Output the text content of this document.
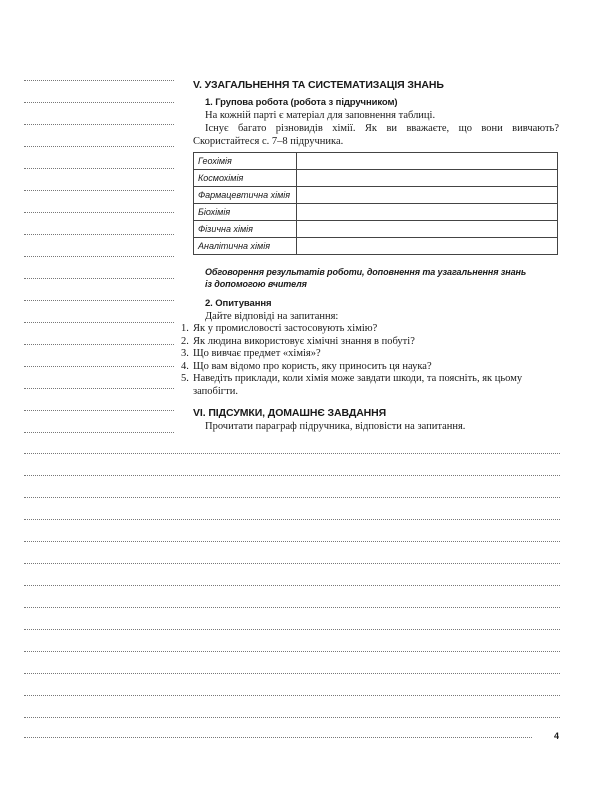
V. УЗАГАЛЬНЕННЯ ТА СИСТЕМАТИЗАЦІЯ ЗНАНЬ

1. Групова робота (робота з підручником)

На кожній парті є матеріал для заповнення таблиці.

Існує багато різновидів хімії. Як ви вважаєте, що вони вивчають? Скористайтеся с. 7–8 підручника.

Геохімія	
Космохімія	
Фармацевтична хімія	
Біохімія	
Фізична хімія	
Аналітична хімія	

Обговорення результатів роботи, доповнення та узагальнення знань

із допомогою вчителя

2. Опитування

Дайте відповіді на запитання:

1. Як у промисловості застосовують хімію?
2. Як людина використовує хімічні знання в побуті?
3. Що вивчає предмет «хімія»?
4. Що вам відомо про користь, яку приносить ця наука?
5. Наведіть приклади, коли хімія може завдати шкоди, та поясніть, як цьому запобігти.

VI. ПІДСУМКИ, ДОМАШНЄ ЗАВДАННЯ

Прочитати параграф підручника, відповісти на запитання.

4
